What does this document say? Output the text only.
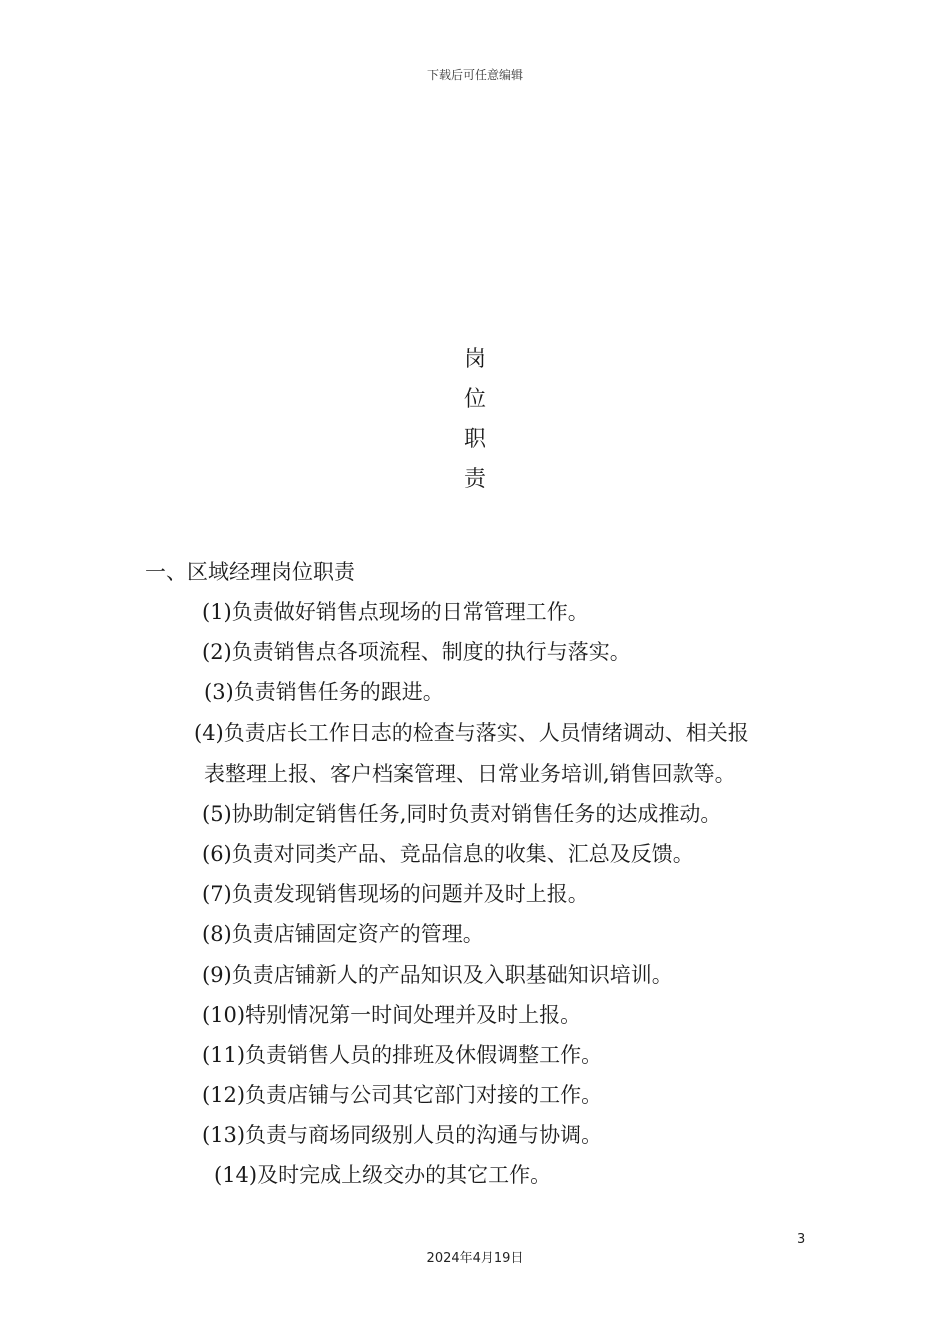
下载后可任意编辑
岗
位
职
责
一、区域经理岗位职责
(1)负责做好销售点现场的日常管理工作。
(2)负责销售点各项流程、制度的执行与落实。
(3)负责销售任务的跟进。
(4)负责店长工作日志的检查与落实、人员情绪调动、相关报
表整理上报、客户档案管理、日常业务培训,销售回款等。
(5)协助制定销售任务,同时负责对销售任务的达成推动。
(6)负责对同类产品、竞品信息的收集、汇总及反馈。
(7)负责发现销售现场的问题并及时上报。
(8)负责店铺固定资产的管理。
(9)负责店铺新人的产品知识及入职基础知识培训。
(10)特别情况第一时间处理并及时上报。
(11)负责销售人员的排班及休假调整工作。
(12)负责店铺与公司其它部门对接的工作。
(13)负责与商场同级别人员的沟通与协调。
(14)及时完成上级交办的其它工作。
3
2024年4月19日
